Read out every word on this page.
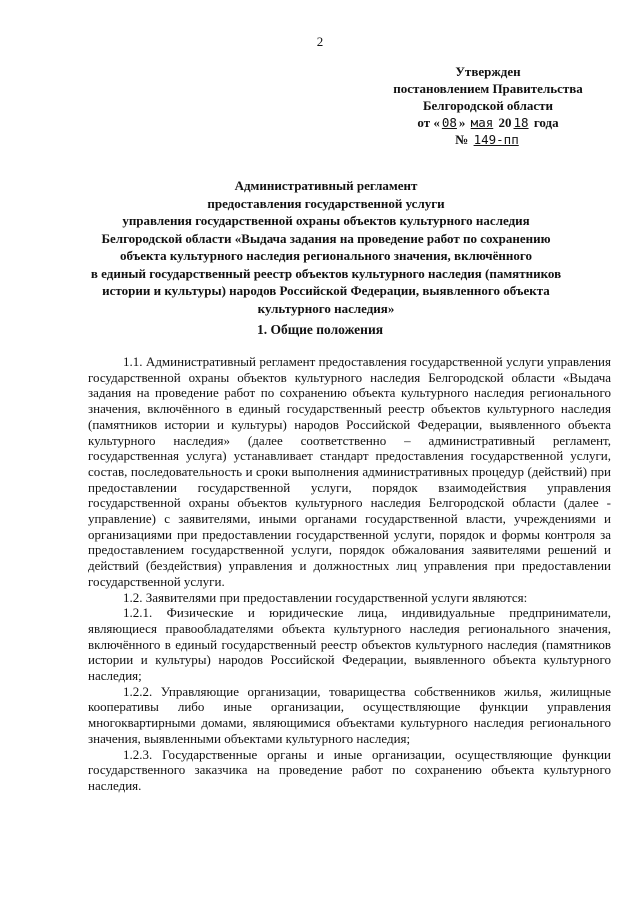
2
Утвержден
постановлением Правительства
Белгородской области
от « 08 » мая 20 18 года
№ 149-пп
Административный регламент
предоставления государственной услуги
управления государственной охраны объектов культурного наследия
Белгородской области «Выдача задания на проведение работ по сохранению
объекта культурного наследия регионального значения, включённого
в единый государственный реестр объектов культурного наследия (памятников
истории и культуры) народов Российской Федерации, выявленного объекта
культурного наследия»
1. Общие положения

1.1. Административный регламент предоставления государственной услуги управления государственной охраны объектов культурного наследия Белгородской области «Выдача задания на проведение работ по сохранению объекта культурного наследия регионального значения, включённого в единый государственный реестр объектов культурного наследия (памятников истории и культуры) народов Российской Федерации, выявленного объекта культурного наследия» (далее соответственно – административный регламент, государственная услуга) устанавливает стандарт предоставления государственной услуги, состав, последовательность и сроки выполнения административных процедур (действий) при предоставлении государственной услуги, порядок взаимодействия управления государственной охраны объектов культурного наследия Белгородской области (далее - управление) с заявителями, иными органами государственной власти, учреждениями и организациями при предоставлении государственной услуги, порядок и формы контроля за предоставлением государственной услуги, порядок обжалования заявителями решений и действий (бездействия) управления и должностных лиц управления при предоставлении государственной услуги.

1.2. Заявителями при предоставлении государственной услуги являются:

1.2.1. Физические и юридические лица, индивидуальные предприниматели, являющиеся правообладателями объекта культурного наследия регионального значения, включённого в единый государственный реестр объектов культурного наследия (памятников истории и культуры) народов Российской Федерации, выявленного объекта культурного наследия;

1.2.2. Управляющие организации, товарищества собственников жилья, жилищные кооперативы либо иные организации, осуществляющие функции управления многоквартирными домами, являющимися объектами культурного наследия регионального значения, выявленными объектами культурного наследия;

1.2.3. Государственные органы и иные организации, осуществляющие функции государственного заказчика на проведение работ по сохранению объекта культурного наследия.
